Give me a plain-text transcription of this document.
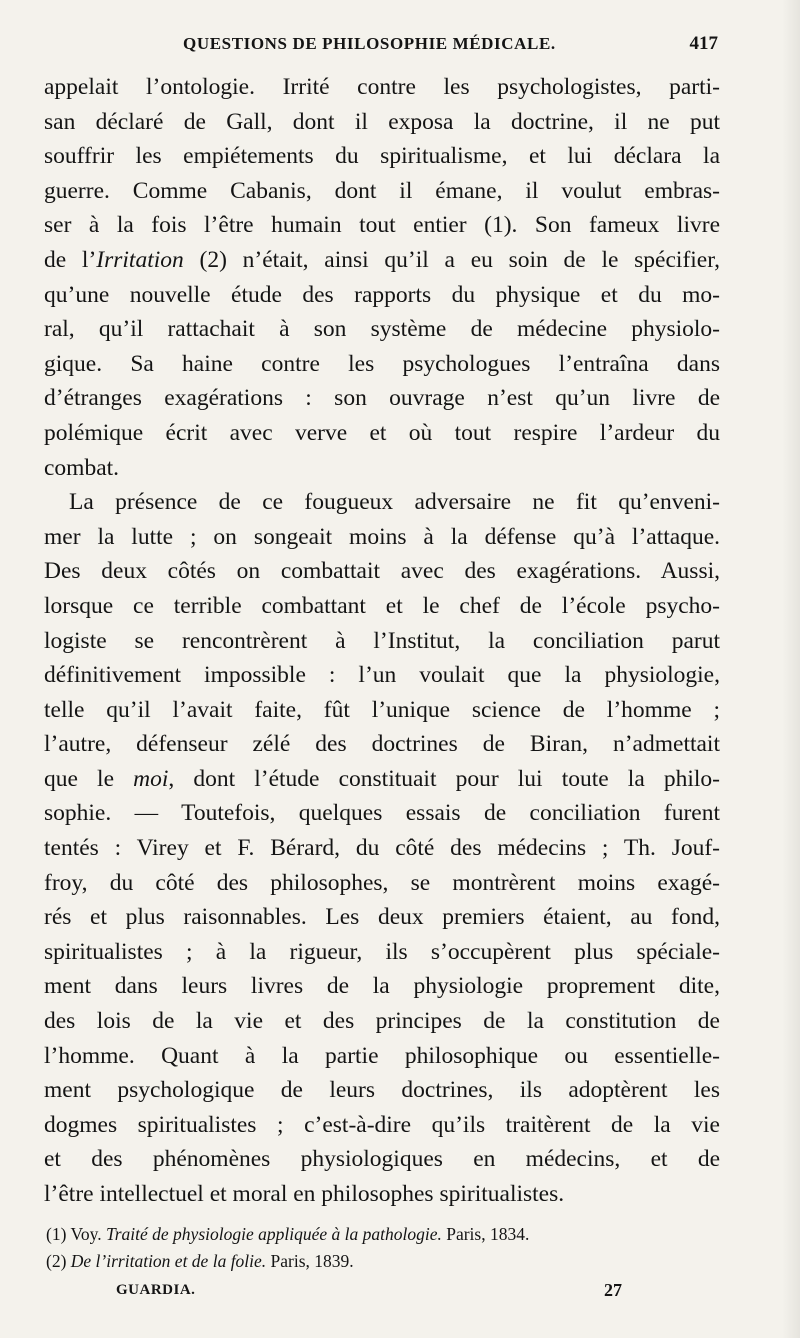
QUESTIONS DE PHILOSOPHIE MÉDICALE.	417
appelait l’ontologie. Irrité contre les psychologistes, parti-
san déclaré de Gall, dont il exposa la doctrine, il ne put
souffrir les empiétements du spiritualisme, et lui déclara la
guerre. Comme Cabanis, dont il émane, il voulut embras-
ser à la fois l’être humain tout entier (1). Son fameux livre
de l’Irritation (2) n’était, ainsi qu’il a eu soin de le spécifier,
qu’une nouvelle étude des rapports du physique et du mo-
ral, qu’il rattachait à son système de médecine physiolo-
gique. Sa haine contre les psychologues l’entraîna dans
d’étranges exagérations : son ouvrage n’est qu’un livre de
polémique écrit avec verve et où tout respire l’ardeur du
combat.
La présence de ce fougueux adversaire ne fit qu’enveni-
mer la lutte ; on songeait moins à la défense qu’à l’attaque.
Des deux côtés on combattait avec des exagérations. Aussi,
lorsque ce terrible combattant et le chef de l’école psycho-
logiste se rencontrèrent à l’Institut, la conciliation parut
définitivement impossible : l’un voulait que la physiologie,
telle qu’il l’avait faite, fût l’unique science de l’homme ;
l’autre, défenseur zélé des doctrines de Biran, n’admettait
que le moi, dont l’étude constituait pour lui toute la philo-
sophie. — Toutefois, quelques essais de conciliation furent
tentés : Virey et F. Bérard, du côté des médecins ; Th. Jouf-
froy, du côté des philosophes, se montrèrent moins exagé-
rés et plus raisonnables. Les deux premiers étaient, au fond,
spiritualistes ; à la rigueur, ils s’occupèrent plus spéciale-
ment dans leurs livres de la physiologie proprement dite,
des lois de la vie et des principes de la constitution de
l’homme. Quant à la partie philosophique ou essentielle-
ment psychologique de leurs doctrines, ils adoptèrent les
dogmes spiritualistes ; c’est-à-dire qu’ils traitèrent de la vie
et des phénomènes physiologiques en médecins, et de
l’être intellectuel et moral en philosophes spiritualistes.
(1) Voy. Traité de physiologie appliquée à la pathologie. Paris, 1834.
(2) De l’irritation et de la folie. Paris, 1839.
GUARDIA.	27
